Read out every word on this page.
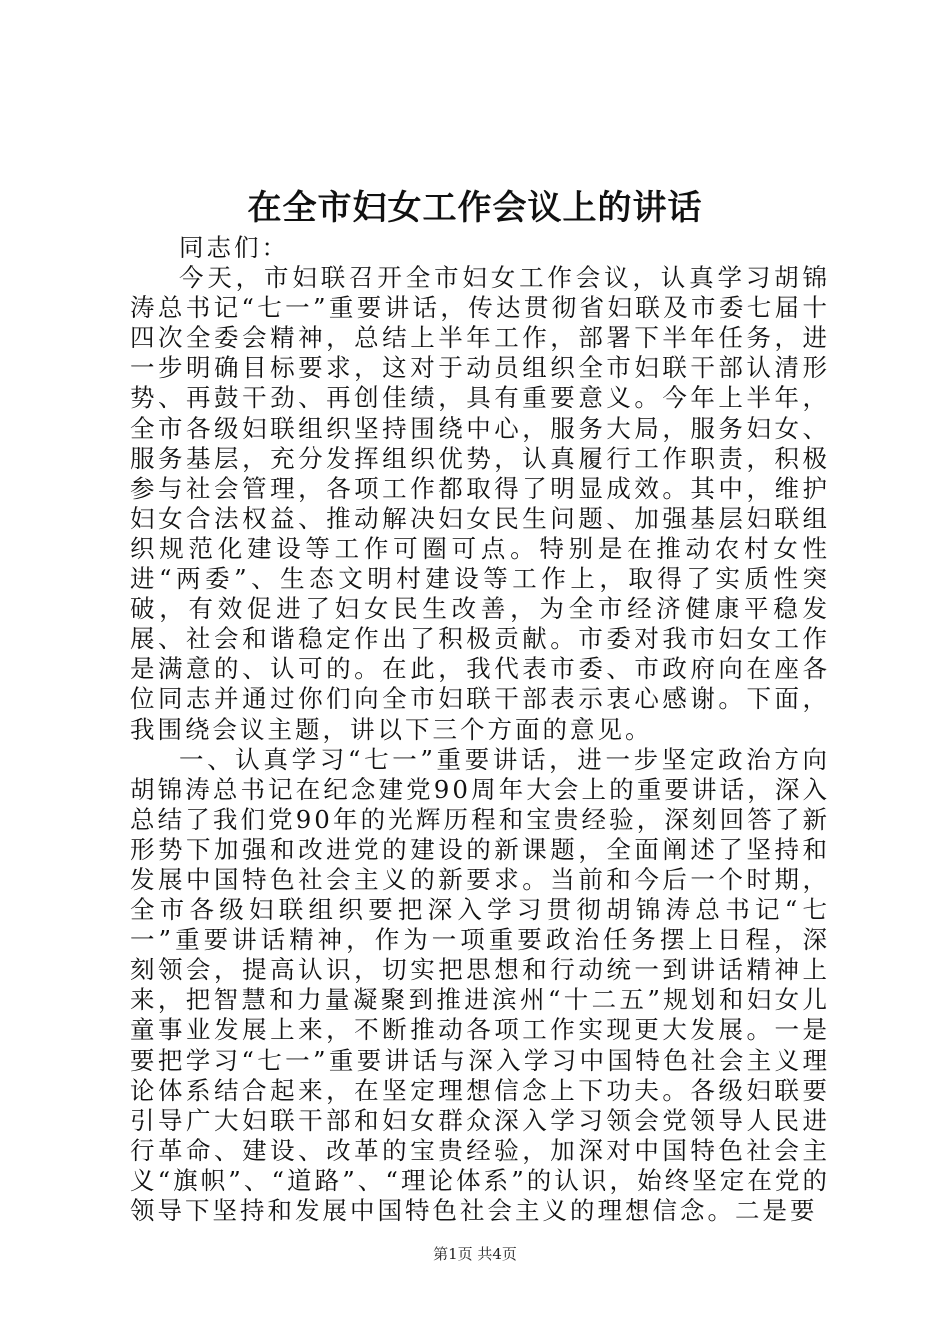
在全市妇女工作会议上的讲话

同志们：

今天，市妇联召开全市妇女工作会议，认真学习胡锦涛总书记“七一”重要讲话，传达贯彻省妇联及市委七届十四次全委会精神，总结上半年工作，部署下半年任务，进一步明确目标要求，这对于动员组织全市妇联干部认清形势、再鼓干劲、再创佳绩，具有重要意义。今年上半年，全市各级妇联组织坚持围绕中心，服务大局，服务妇女、服务基层，充分发挥组织优势，认真履行工作职责，积极参与社会管理，各项工作都取得了明显成效。其中，维护妇女合法权益、推动解决妇女民生问题、加强基层妇联组织规范化建设等工作可圈可点。特别是在推动农村女性进“两委”、生态文明村建设等工作上，取得了实质性突破，有效促进了妇女民生改善，为全市经济健康平稳发展、社会和谐稳定作出了积极贡献。市委对我市妇女工作是满意的、认可的。在此，我代表市委、市政府向在座各位同志并通过你们向全市妇联干部表示衷心感谢。下面，我围绕会议主题，讲以下三个方面的意见。

一、认真学习“七一”重要讲话，进一步坚定政治方向胡锦涛总书记在纪念建党90周年大会上的重要讲话，深入总结了我们党90年的光辉历程和宝贵经验，深刻回答了新形势下加强和改进党的建设的新课题，全面阐述了坚持和发展中国特色社会主义的新要求。当前和今后一个时期，全市各级妇联组织要把深入学习贯彻胡锦涛总书记“七一”重要讲话精神，作为一项重要政治任务摆上日程，深刻领会，提高认识，切实把思想和行动统一到讲话精神上来，把智慧和力量凝聚到推进滨州“十二五”规划和妇女儿童事业发展上来，不断推动各项工作实现更大发展。一是要把学习“七一”重要讲话与深入学习中国特色社会主义理论体系结合起来，在坚定理想信念上下功夫。各级妇联要引导广大妇联干部和妇女群众深入学习领会党领导人民进行革命、建设、改革的宝贵经验，加深对中国特色社会主义“旗帜”、“道路”、“理论体系”的认识，始终坚定在党的领导下坚持和发展中国特色社会主义的理想信念。二是要

第1页 共4页
